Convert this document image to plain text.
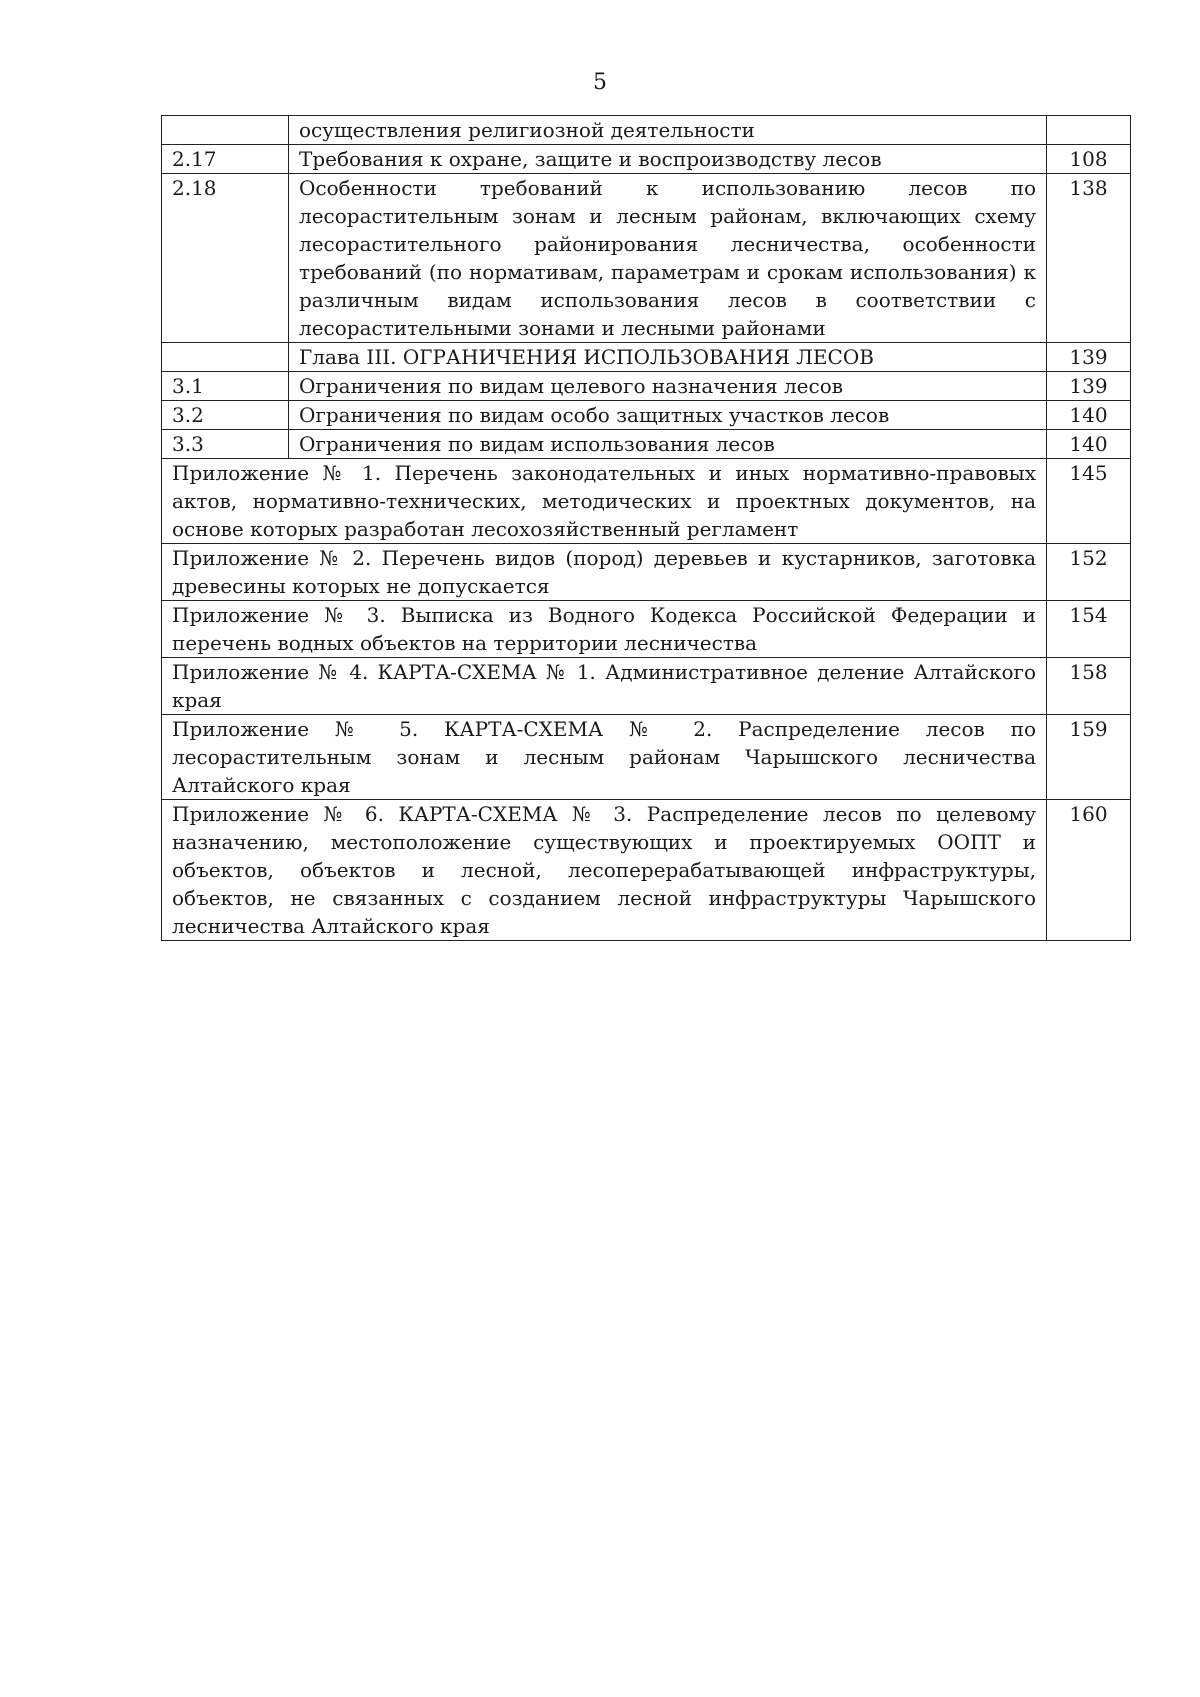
5
	осуществления религиозной деятельности	
2.17	Требования к охране, защите и воспроизводству лесов	108
2.18	Особенности требований к использованию лесов по лесорастительным зонам и лесным районам, включающих схему лесорастительного районирования лесничества, особенности требований (по нормативам, параметрам и срокам использования) к различным видам использования лесов в соответствии с лесорастительными зонами и лесными районами	138
	Глава III. ОГРАНИЧЕНИЯ ИСПОЛЬЗОВАНИЯ ЛЕСОВ	139
3.1	Ограничения по видам целевого назначения лесов	139
3.2	Ограничения по видам особо защитных участков лесов	140
3.3	Ограничения по видам использования лесов	140
Приложение № 1. Перечень законодательных и иных нормативно-правовых актов, нормативно-технических, методических и проектных документов, на основе которых разработан лесохозяйственный регламент		145
Приложение № 2. Перечень видов (пород) деревьев и кустарников, заготовка древесины которых не допускается		152
Приложение № 3. Выписка из Водного Кодекса Российской Федерации и перечень водных объектов на территории лесничества		154
Приложение № 4. КАРТА-СХЕМА № 1. Административное деление Алтайского края		158
Приложение № 5. КАРТА-СХЕМА № 2. Распределение лесов по лесорастительным зонам и лесным районам Чарышского лесничества Алтайского края		159
Приложение № 6. КАРТА-СХЕМА № 3. Распределение лесов по целевому назначению, местоположение существующих и проектируемых ООПТ и объектов, объектов и лесной, лесоперерабатывающей инфраструктуры, объектов, не связанных с созданием лесной инфраструктуры Чарышского лесничества Алтайского края		160
